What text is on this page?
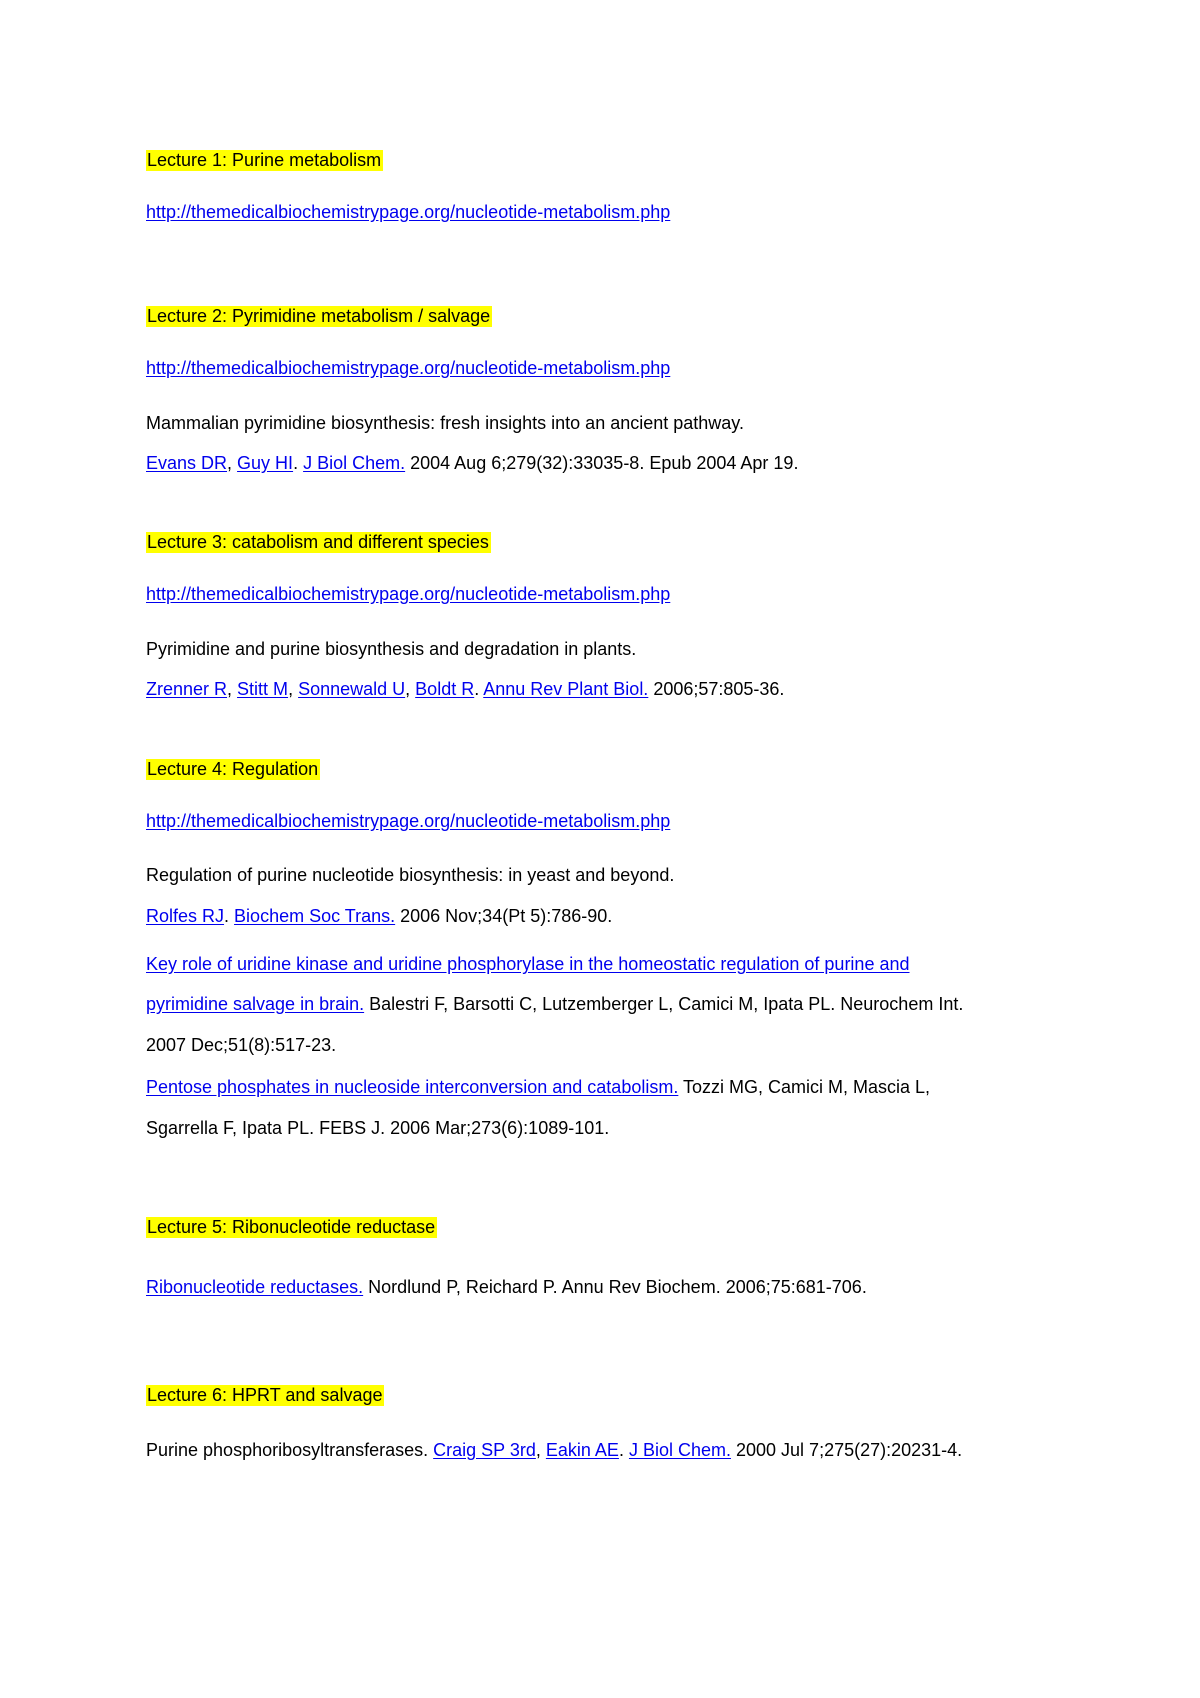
Lecture 1: Purine metabolism
http://themedicalbiochemistrypage.org/nucleotide-metabolism.php
Lecture 2: Pyrimidine metabolism / salvage
http://themedicalbiochemistrypage.org/nucleotide-metabolism.php
Mammalian pyrimidine biosynthesis: fresh insights into an ancient pathway.
Evans DR, Guy HI. J Biol Chem. 2004 Aug 6;279(32):33035-8. Epub 2004 Apr 19.
Lecture 3: catabolism and different species
http://themedicalbiochemistrypage.org/nucleotide-metabolism.php
Pyrimidine and purine biosynthesis and degradation in plants.
Zrenner R, Stitt M, Sonnewald U, Boldt R. Annu Rev Plant Biol. 2006;57:805-36.
Lecture 4: Regulation
http://themedicalbiochemistrypage.org/nucleotide-metabolism.php
Regulation of purine nucleotide biosynthesis: in yeast and beyond.
Rolfes RJ. Biochem Soc Trans. 2006 Nov;34(Pt 5):786-90.
Key role of uridine kinase and uridine phosphorylase in the homeostatic regulation of purine and
pyrimidine salvage in brain. Balestri F, Barsotti C, Lutzemberger L, Camici M, Ipata PL. Neurochem Int.
2007 Dec;51(8):517-23.
Pentose phosphates in nucleoside interconversion and catabolism. Tozzi MG, Camici M, Mascia L,
Sgarrella F, Ipata PL. FEBS J. 2006 Mar;273(6):1089-101.
Lecture 5: Ribonucleotide reductase
Ribonucleotide reductases. Nordlund P, Reichard P. Annu Rev Biochem. 2006;75:681-706.
Lecture 6: HPRT and salvage
Purine phosphoribosyltransferases. Craig SP 3rd, Eakin AE. J Biol Chem. 2000 Jul 7;275(27):20231-4.
